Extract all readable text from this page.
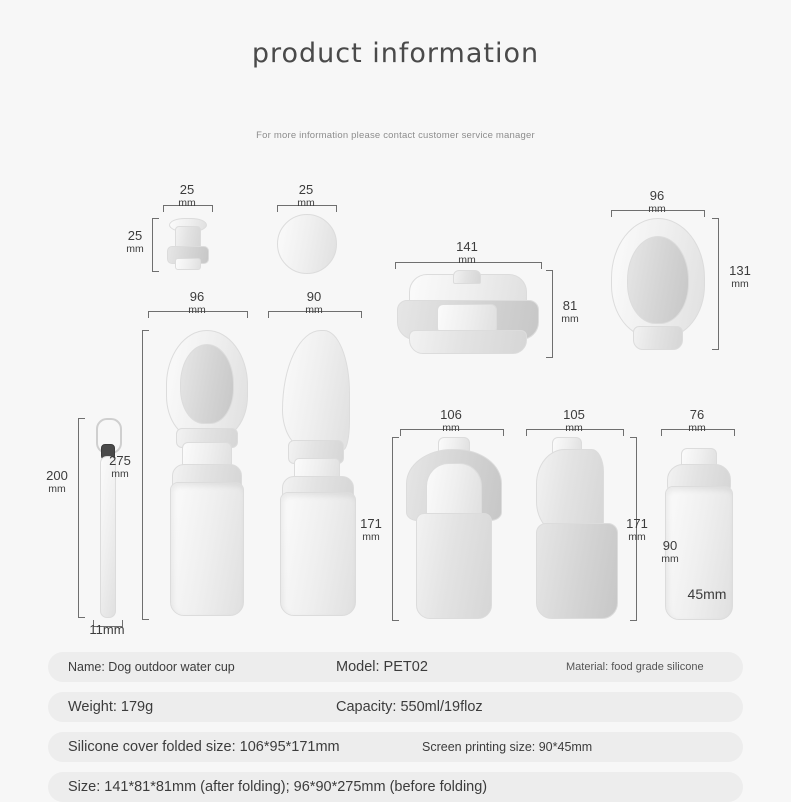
product information
For more information please contact customer service manager
25
mm
25
mm
25
mm
141
mm
81
mm
96
mm
131
mm
200
mm
11mm
96
mm
275
mm
90
mm
106
mm
171
mm
105
mm
171
mm
76
mm
90
mm
45mm
Name: Dog outdoor water cup	Model: PET02	Material: food grade silicone
Weight: 179g	Capacity: 550ml/19floz
Silicone cover folded size: 106*95*171mm	Screen printing size: 90*45mm
Size: 141*81*81mm (after folding); 96*90*275mm (before folding)
